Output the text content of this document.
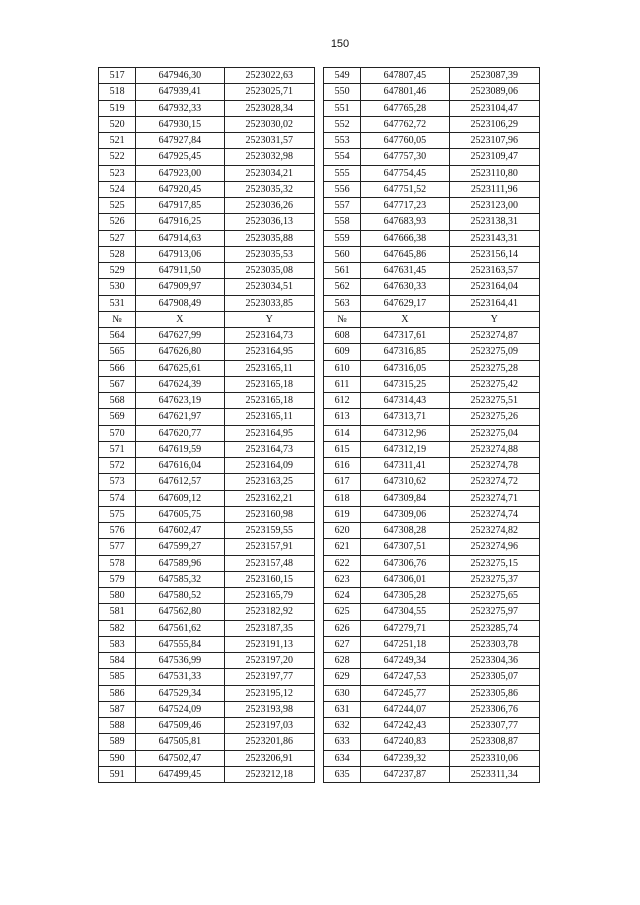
150
517	647946,30	2523022,63		549	647807,45	2523087,39
518	647939,41	2523025,71		550	647801,46	2523089,06
519	647932,33	2523028,34		551	647765,28	2523104,47
520	647930,15	2523030,02		552	647762,72	2523106,29
521	647927,84	2523031,57		553	647760,05	2523107,96
522	647925,45	2523032,98		554	647757,30	2523109,47
523	647923,00	2523034,21		555	647754,45	2523110,80
524	647920,45	2523035,32		556	647751,52	2523111,96
525	647917,85	2523036,26		557	647717,23	2523123,00
526	647916,25	2523036,13		558	647683,93	2523138,31
527	647914,63	2523035,88		559	647666,38	2523143,31
528	647913,06	2523035,53		560	647645,86	2523156,14
529	647911,50	2523035,08		561	647631,45	2523163,57
530	647909,97	2523034,51		562	647630,33	2523164,04
531	647908,49	2523033,85		563	647629,17	2523164,41
№	X	Y		№	X	Y
564	647627,99	2523164,73		608	647317,61	2523274,87
565	647626,80	2523164,95		609	647316,85	2523275,09
566	647625,61	2523165,11		610	647316,05	2523275,28
567	647624,39	2523165,18		611	647315,25	2523275,42
568	647623,19	2523165,18		612	647314,43	2523275,51
569	647621,97	2523165,11		613	647313,71	2523275,26
570	647620,77	2523164,95		614	647312,96	2523275,04
571	647619,59	2523164,73		615	647312,19	2523274,88
572	647616,04	2523164,09		616	647311,41	2523274,78
573	647612,57	2523163,25		617	647310,62	2523274,72
574	647609,12	2523162,21		618	647309,84	2523274,71
575	647605,75	2523160,98		619	647309,06	2523274,74
576	647602,47	2523159,55		620	647308,28	2523274,82
577	647599,27	2523157,91		621	647307,51	2523274,96
578	647589,96	2523157,48		622	647306,76	2523275,15
579	647585,32	2523160,15		623	647306,01	2523275,37
580	647580,52	2523165,79		624	647305,28	2523275,65
581	647562,80	2523182,92		625	647304,55	2523275,97
582	647561,62	2523187,35		626	647279,71	2523285,74
583	647555,84	2523191,13		627	647251,18	2523303,78
584	647536,99	2523197,20		628	647249,34	2523304,36
585	647531,33	2523197,77		629	647247,53	2523305,07
586	647529,34	2523195,12		630	647245,77	2523305,86
587	647524,09	2523193,98		631	647244,07	2523306,76
588	647509,46	2523197,03		632	647242,43	2523307,77
589	647505,81	2523201,86		633	647240,83	2523308,87
590	647502,47	2523206,91		634	647239,32	2523310,06
591	647499,45	2523212,18		635	647237,87	2523311,34
